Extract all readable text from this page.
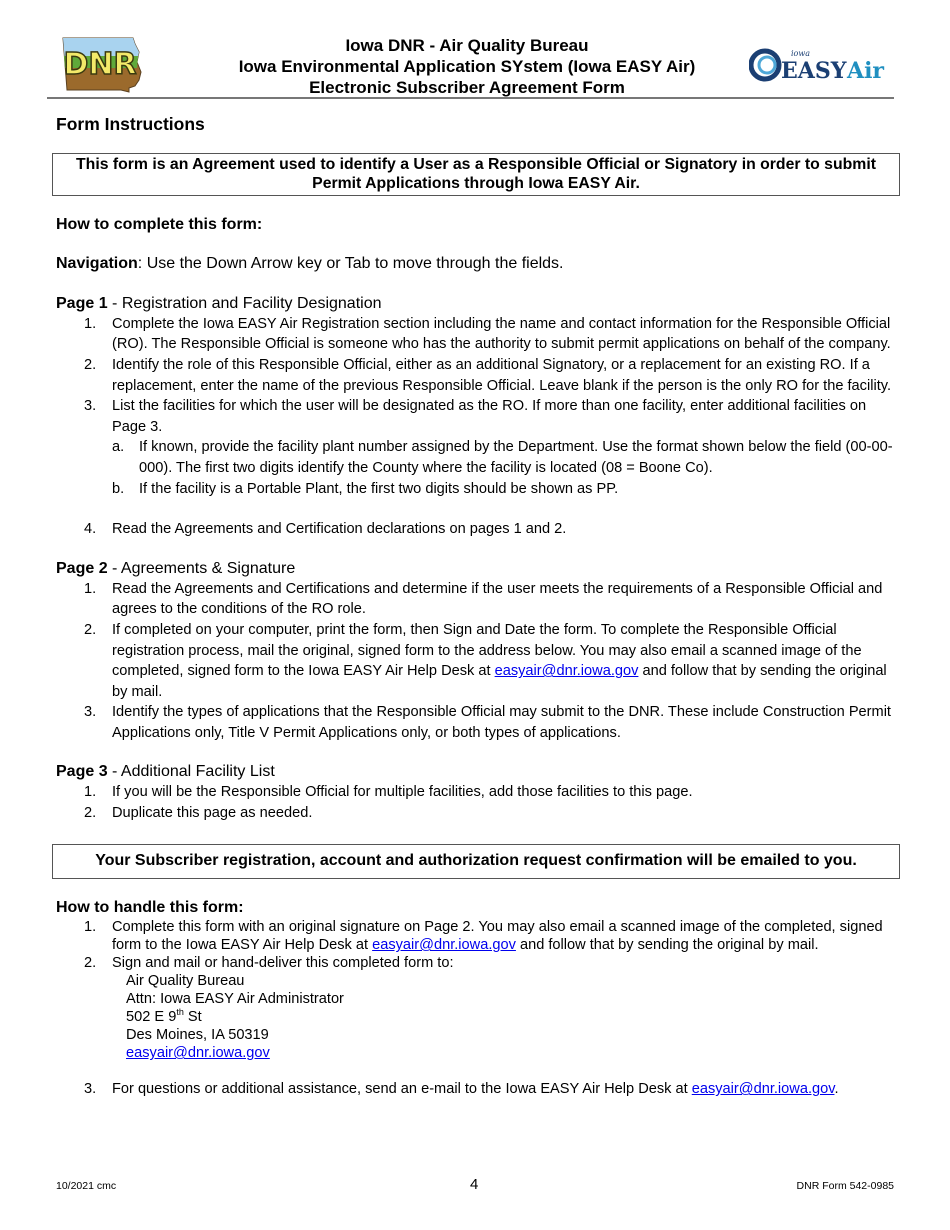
DNR
Iowa DNR - Air Quality Bureau
Iowa Environmental Application SYstem (Iowa EASY Air)
Electronic Subscriber Agreement Form
iowa
EASY Air
Form Instructions
This form is an Agreement used to identify a User as a Responsible Official or Signatory in order to submit Permit Applications through Iowa EASY Air.
How to complete this form:
Navigation: Use the Down Arrow key or Tab to move through the fields.
Page 1 - Registration and Facility Designation
1. Complete the Iowa EASY Air Registration section including the name and contact information for the Responsible Official (RO). The Responsible Official is someone who has the authority to submit permit applications on behalf of the company.
2. Identify the role of this Responsible Official, either as an additional Signatory, or a replacement for an existing RO. If a replacement, enter the name of the previous Responsible Official. Leave blank if the person is the only RO for the facility.
3. List the facilities for which the user will be designated as the RO. If more than one facility, enter additional facilities on Page 3.
a. If known, provide the facility plant number assigned by the Department. Use the format shown below the field (00-00-000). The first two digits identify the County where the facility is located (08 = Boone Co).
b. If the facility is a Portable Plant, the first two digits should be shown as PP.
4. Read the Agreements and Certification declarations on pages 1 and 2.
Page 2 - Agreements & Signature
1. Read the Agreements and Certifications and determine if the user meets the requirements of a Responsible Official and agrees to the conditions of the RO role.
2. If completed on your computer, print the form, then Sign and Date the form. To complete the Responsible Official registration process, mail the original, signed form to the address below. You may also email a scanned image of the completed, signed form to the Iowa EASY Air Help Desk at easyair@dnr.iowa.gov and follow that by sending the original by mail.
3. Identify the types of applications that the Responsible Official may submit to the DNR. These include Construction Permit Applications only, Title V Permit Applications only, or both types of applications.
Page 3 - Additional Facility List
1. If you will be the Responsible Official for multiple facilities, add those facilities to this page.
2. Duplicate this page as needed.
Your Subscriber registration, account and authorization request confirmation will be emailed to you.
How to handle this form:
1. Complete this form with an original signature on Page 2. You may also email a scanned image of the completed, signed form to the Iowa EASY Air Help Desk at easyair@dnr.iowa.gov and follow that by sending the original by mail.
2. Sign and mail or hand-deliver this completed form to:
Air Quality Bureau
Attn: Iowa EASY Air Administrator
502 E 9th St
Des Moines, IA 50319
easyair@dnr.iowa.gov
3. For questions or additional assistance, send an e-mail to the Iowa EASY Air Help Desk at easyair@dnr.iowa.gov.
10/2021 cmc	4	DNR Form 542-0985
